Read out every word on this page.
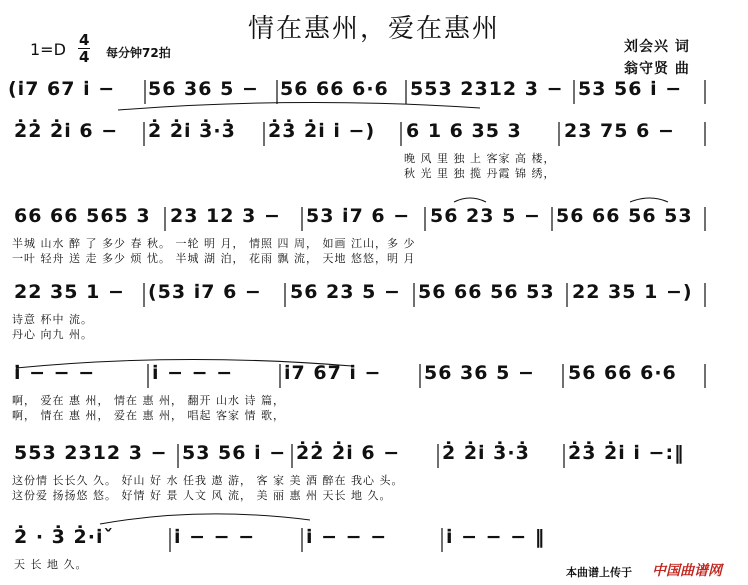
情在惠州，爱在惠州
1=D 4
4 每分钟72拍	刘会兴 词
翁守贤 曲
(i̇7 67 i̇ − 56 36 5 − 56 66 6·6 553 2312 3 − 53 56 i̇ −
2̇2̇ 2̇i̇ 6 − 2̇ 2̇i̇ 3̇·3̇ 2̇3̇ 2̇i̇ i̇ −) 6 1 6 35 3 23 75 6 −
晚 风 里 独 上 客家 高 楼，
秋 光 里 独 揽 丹霞 锦 绣，
66 66 565 3 23 12 3 − 53 i̇7 6 − 56 23 5 − 56 66 56 53
半城 山水 醉 了 多少 春 秋。 一轮 明 月， 情照 四 周， 如画 江山，多 少
一叶 轻舟 送 走 多少 烦 忧。 半城 湖 泊， 花雨 飘 流， 天地 悠悠，明 月
22 35 1 − (53 i̇7 6 − 56 23 5 − 56 66 56 53 22 35 1 −)
诗意 杯中 流。
丹心 向九 州。
i̇ − − −	i̇ − − −	i̇7 67 i̇ − 56 36 5 − 56 66 6·6
啊， 爱在 惠 州， 情在 惠 州， 翻开 山水 诗 篇，
啊， 情在 惠 州， 爱在 惠 州， 唱起 客家 情 歌，
553 2312 3 − 53 56 i̇ − 2̇2̇ 2̇i̇ 6 − 2̇ 2̇i̇ 3̇·3̇ 2̇3̇ 2̇i̇ i̇ −:‖
这份情 长长久 久。 好山 好 水 任我 遨 游， 客 家 美 酒 醉在 我心 头。
这份爱 扬扬悠 悠。 好情 好 景 人文 风 流， 美 丽 惠 州 天长 地 久。
2̇ · 3̇ 2̇·i̇ˇ	i̇ − − −	i̇ − − −	i̇ − − − ‖
天 长 地 久。
本曲谱上传于 中国曲谱网
